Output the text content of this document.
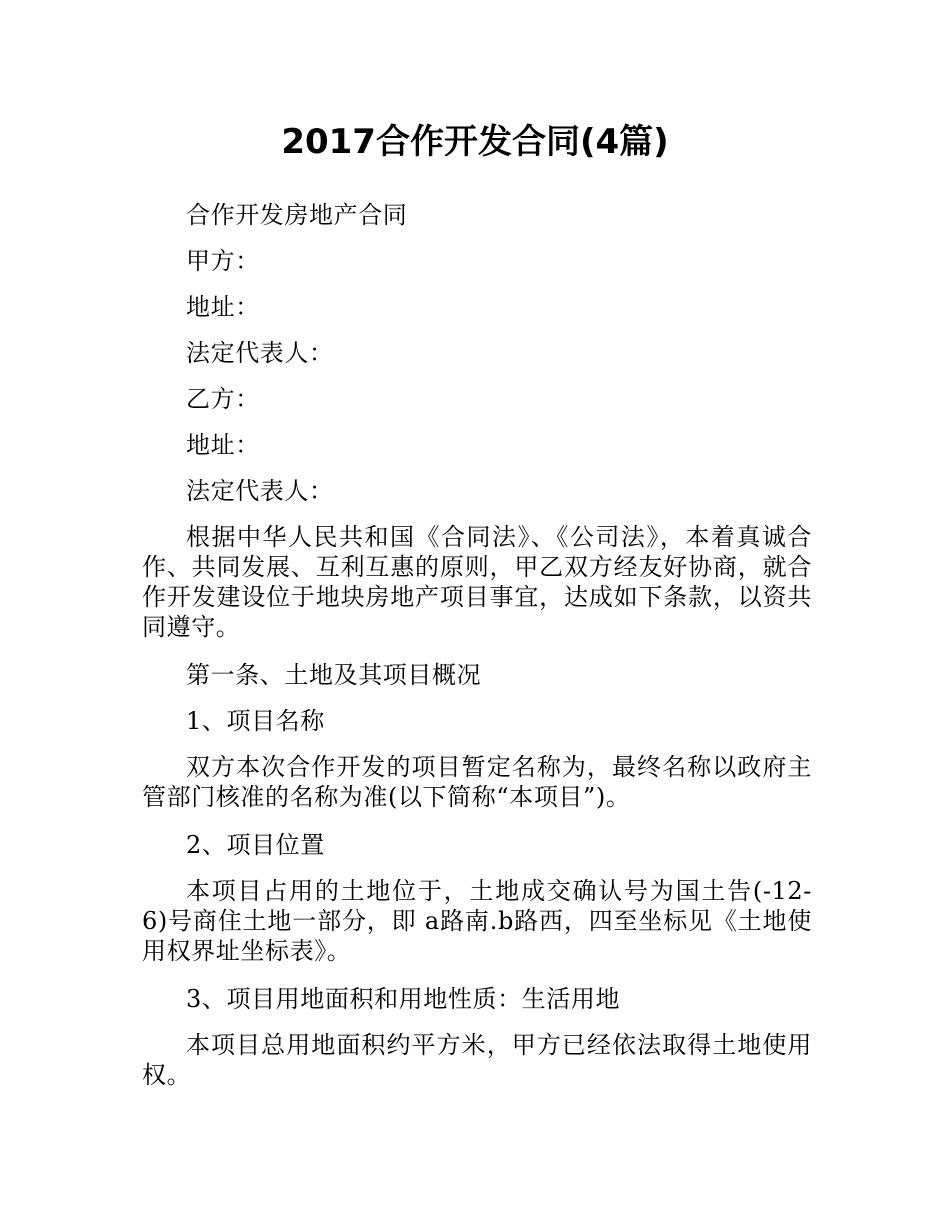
2017合作开发合同(4篇)

合作开发房地产合同

甲方：

地址：

法定代表人：

乙方：

地址：

法定代表人：

根据中华人民共和国《合同法》、《公司法》，本着真诚合作、共同发展、互利互惠的原则，甲乙双方经友好协商，就合作开发建设位于地块房地产项目事宜，达成如下条款，以资共同遵守。

第一条、土地及其项目概况

1、项目名称

双方本次合作开发的项目暂定名称为，最终名称以政府主管部门核准的名称为准(以下简称“本项目”)。

2、项目位置

本项目占用的土地位于，土地成交确认号为国土告(-12-6)号商住土地一部分，即 a路南.b路西，四至坐标见《土地使用权界址坐标表》。

3、项目用地面积和用地性质：生活用地

本项目总用地面积约平方米，甲方已经依法取得土地使用权。
